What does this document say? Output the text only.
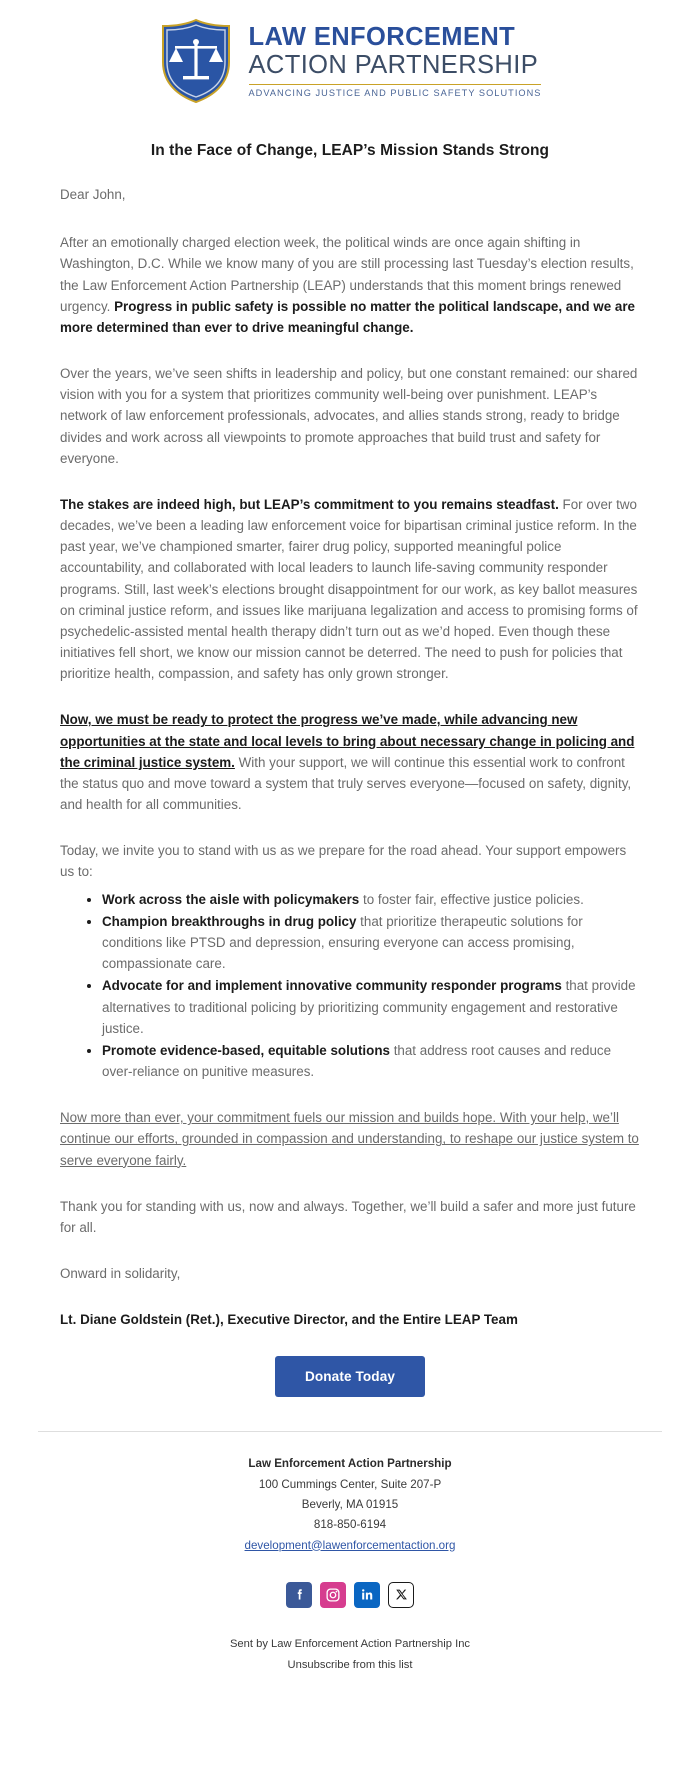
LAW ENFORCEMENT
ACTION PARTNERSHIP
ADVANCING JUSTICE AND PUBLIC SAFETY SOLUTIONS
In the Face of Change, LEAP’s Mission Stands Strong

Dear John,

After an emotionally charged election week, the political winds are once again shifting in Washington, D.C. While we know many of you are still processing last Tuesday’s election results, the Law Enforcement Action Partnership (LEAP) understands that this moment brings renewed urgency. Progress in public safety is possible no matter the political landscape, and we are more determined than ever to drive meaningful change.

Over the years, we’ve seen shifts in leadership and policy, but one constant remained: our shared vision with you for a system that prioritizes community well-being over punishment. LEAP’s network of law enforcement professionals, advocates, and allies stands strong, ready to bridge divides and work across all viewpoints to promote approaches that build trust and safety for everyone.

The stakes are indeed high, but LEAP’s commitment to you remains steadfast. For over two decades, we’ve been a leading law enforcement voice for bipartisan criminal justice reform. In the past year, we’ve championed smarter, fairer drug policy, supported meaningful police accountability, and collaborated with local leaders to launch life-saving community responder programs. Still, last week’s elections brought disappointment for our work, as key ballot measures on criminal justice reform, and issues like marijuana legalization and access to promising forms of psychedelic-assisted mental health therapy didn’t turn out as we’d hoped. Even though these initiatives fell short, we know our mission cannot be deterred. The need to push for policies that prioritize health, compassion, and safety has only grown stronger.

Now, we must be ready to protect the progress we’ve made, while advancing new opportunities at the state and local levels to bring about necessary change in policing and the criminal justice system. With your support, we will continue this essential work to confront the status quo and move toward a system that truly serves everyone—focused on safety, dignity, and health for all communities.

Today, we invite you to stand with us as we prepare for the road ahead. Your support empowers us to:

• Work across the aisle with policymakers to foster fair, effective justice policies.
• Champion breakthroughs in drug policy that prioritize therapeutic solutions for conditions like PTSD and depression, ensuring everyone can access promising, compassionate care.
• Advocate for and implement innovative community responder programs that provide alternatives to traditional policing by prioritizing community engagement and restorative justice.
• Promote evidence-based, equitable solutions that address root causes and reduce over-reliance on punitive measures.

Now more than ever, your commitment fuels our mission and builds hope. With your help, we’ll continue our efforts, grounded in compassion and understanding, to reshape our justice system to serve everyone fairly.

Thank you for standing with us, now and always. Together, we’ll build a safer and more just future for all.

Onward in solidarity,

Lt. Diane Goldstein (Ret.), Executive Director, and the Entire LEAP Team

Donate Today
Law Enforcement Action Partnership
100 Cummings Center, Suite 207-P
Beverly, MA 01915
818-850-6194
development@lawenforcementaction.org
Sent by Law Enforcement Action Partnership Inc
Unsubscribe from this list
